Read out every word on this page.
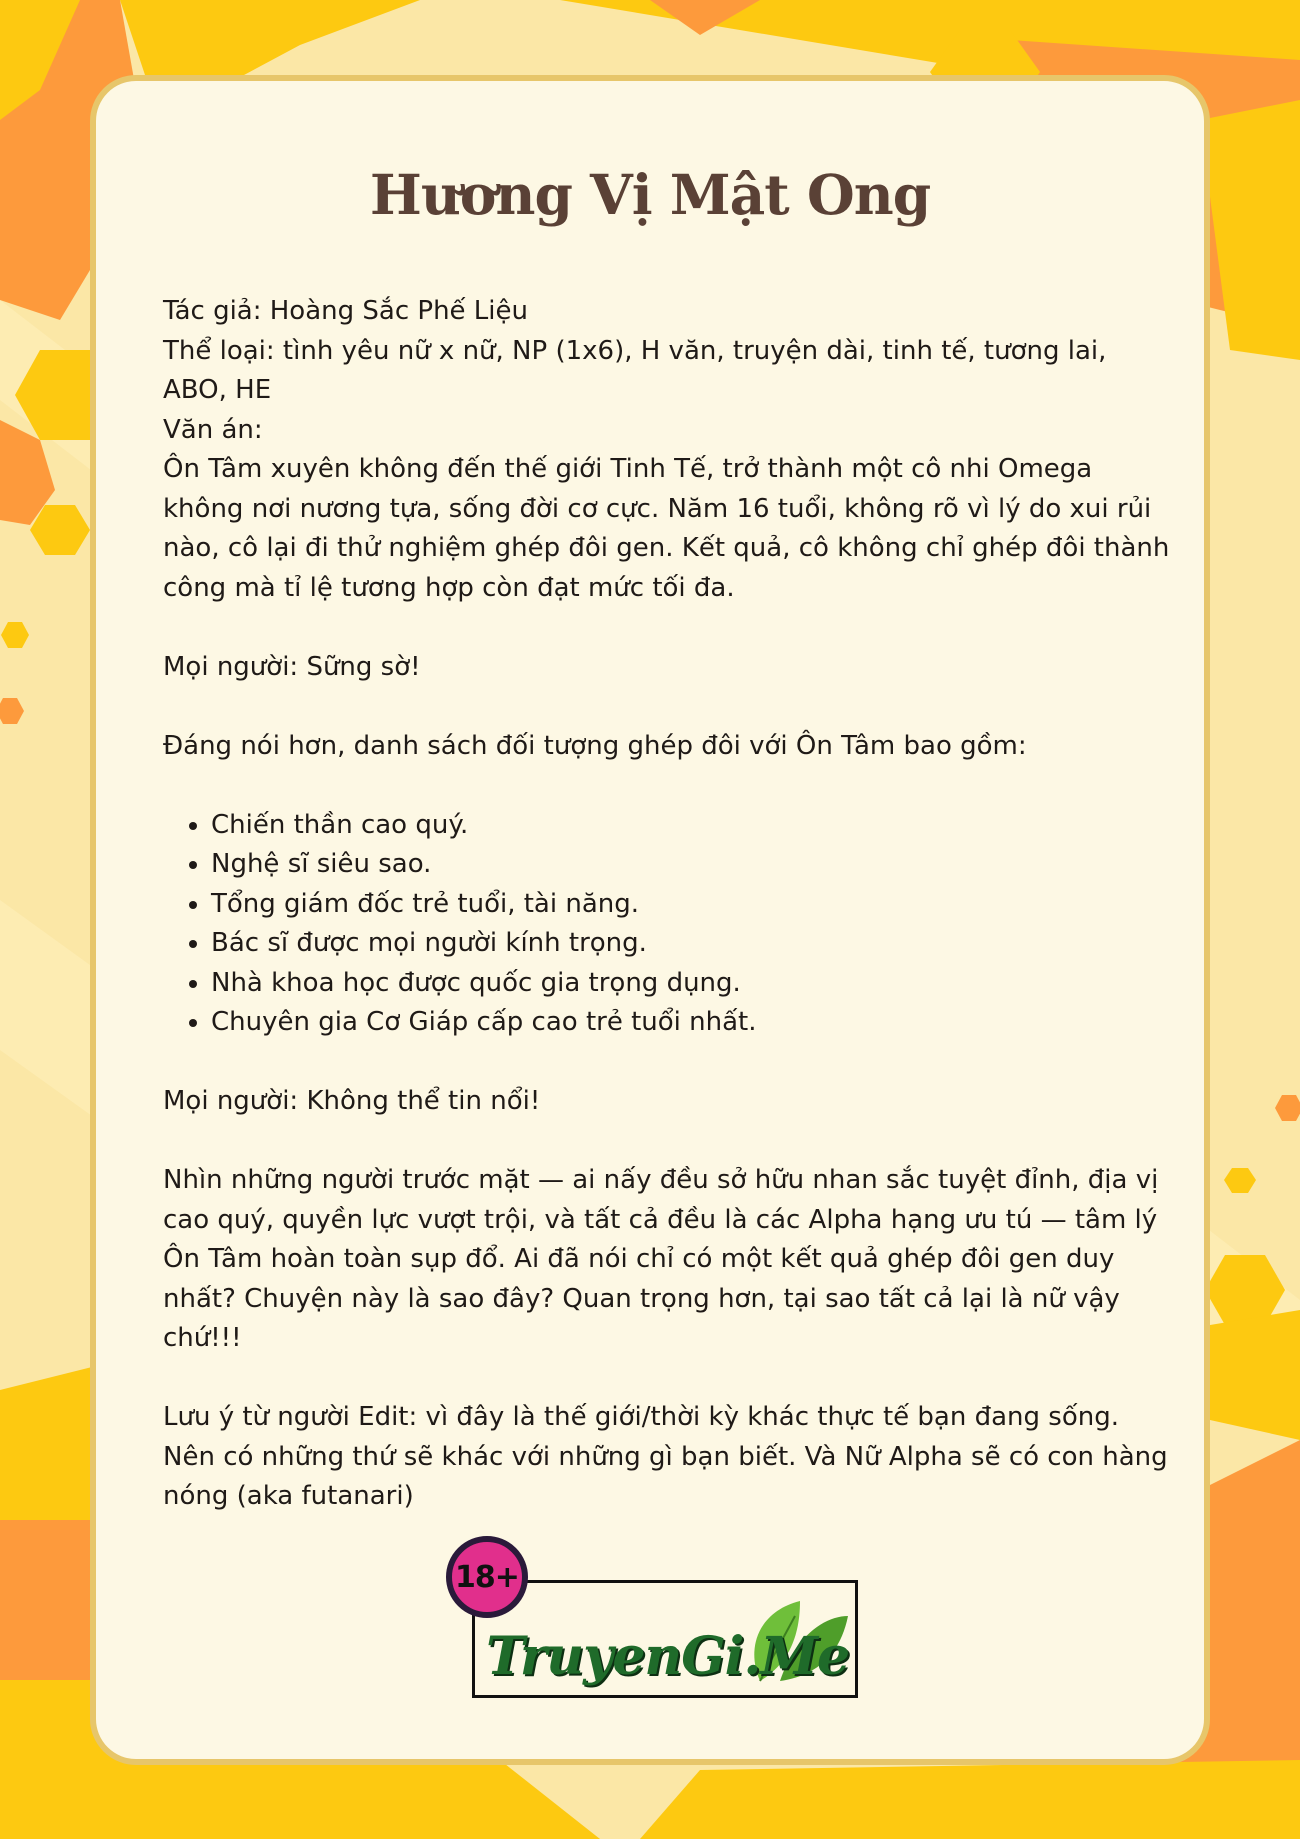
Hương Vị Mật Ong

Tác giả: Hoàng Sắc Phế Liệu

Thể loại: tình yêu nữ x nữ, NP (1x6), H văn, truyện dài, tinh tế, tương lai, ABO, HE

Văn án:

Ôn Tâm xuyên không đến thế giới Tinh Tế, trở thành một cô nhi Omega không nơi nương tựa, sống đời cơ cực. Năm 16 tuổi, không rõ vì lý do xui rủi nào, cô lại đi thử nghiệm ghép đôi gen. Kết quả, cô không chỉ ghép đôi thành công mà tỉ lệ tương hợp còn đạt mức tối đa.

Mọi người: Sững sờ!

Đáng nói hơn, danh sách đối tượng ghép đôi với Ôn Tâm bao gồm:

• Chiến thần cao quý.
• Nghệ sĩ siêu sao.
• Tổng giám đốc trẻ tuổi, tài năng.
• Bác sĩ được mọi người kính trọng.
• Nhà khoa học được quốc gia trọng dụng.
• Chuyên gia Cơ Giáp cấp cao trẻ tuổi nhất.

Mọi người: Không thể tin nổi!

Nhìn những người trước mặt — ai nấy đều sở hữu nhan sắc tuyệt đỉnh, địa vị cao quý, quyền lực vượt trội, và tất cả đều là các Alpha hạng ưu tú — tâm lý Ôn Tâm hoàn toàn sụp đổ. Ai đã nói chỉ có một kết quả ghép đôi gen duy nhất? Chuyện này là sao đây? Quan trọng hơn, tại sao tất cả lại là nữ vậy chứ!!!

Lưu ý từ người Edit: vì đây là thế giới/thời kỳ khác thực tế bạn đang sống. Nên có những thứ sẽ khác với những gì bạn biết. Và Nữ Alpha sẽ có con hàng nóng (aka futanari)

TruyenGi.Me
18+
